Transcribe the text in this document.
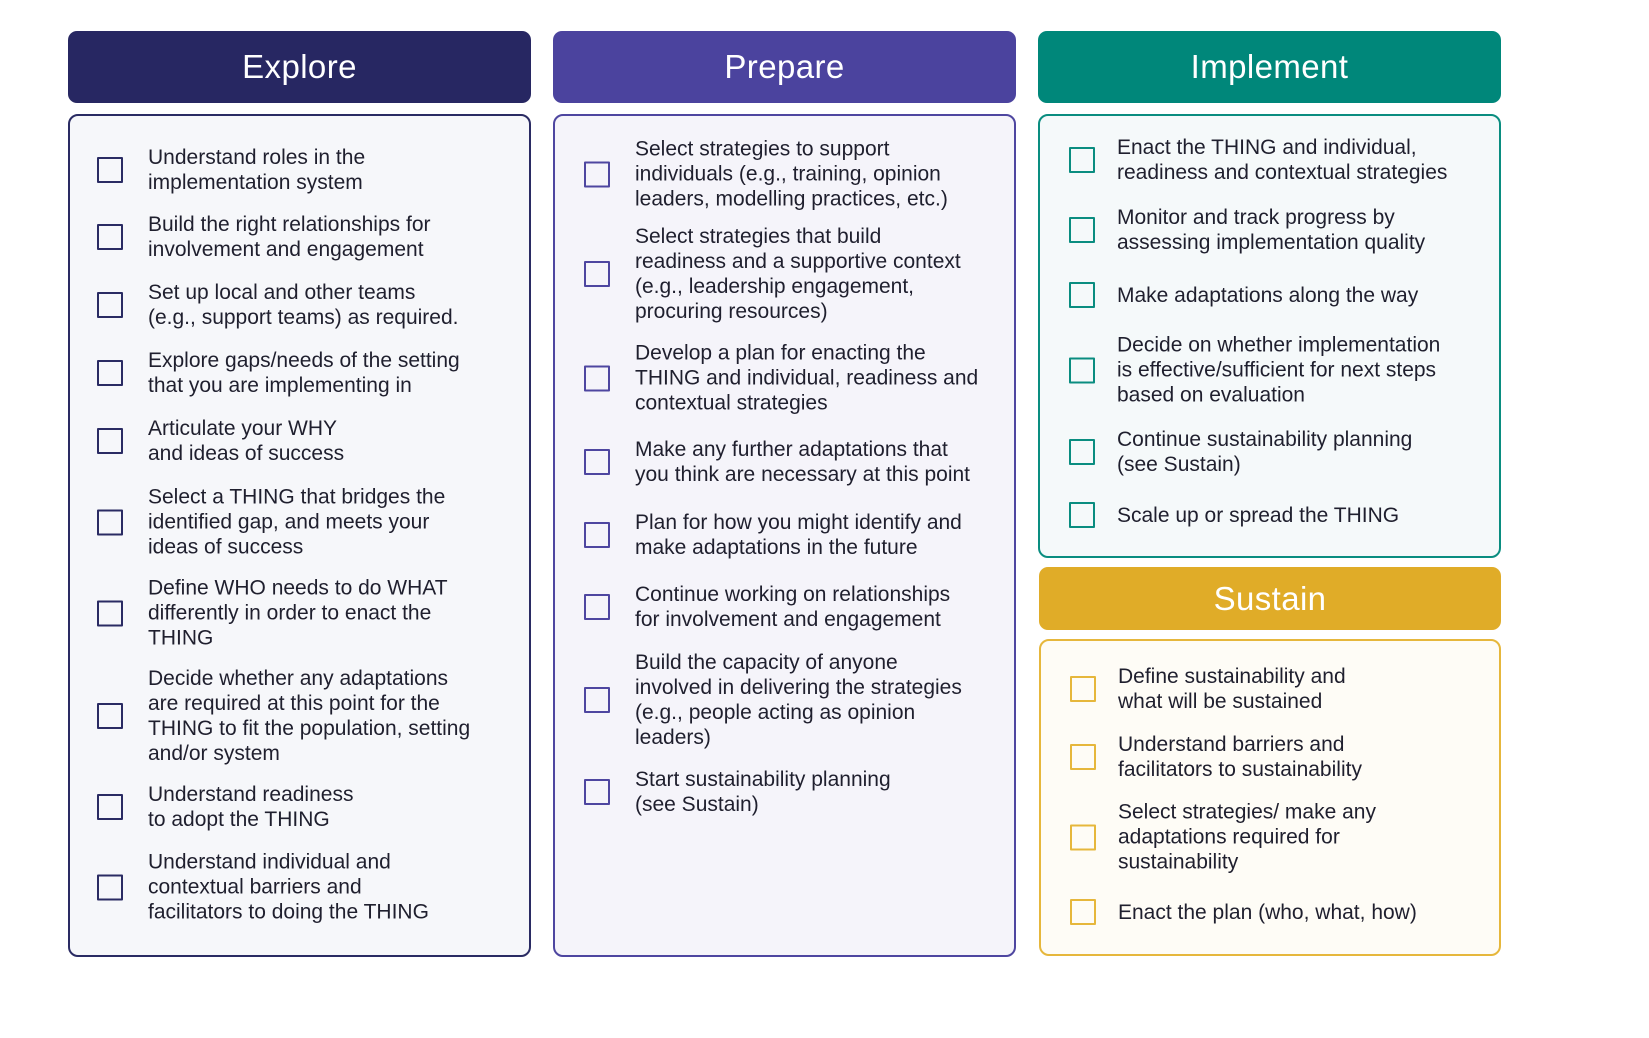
Explore
Understand roles in the
implementation system
Build the right relationships for
involvement and engagement
Set up local and other teams
(e.g., support teams) as required.
Explore gaps/needs of the setting
that you are implementing in
Articulate your WHY
and ideas of success
Select a THING that bridges the
identified gap, and meets your
ideas of success
Define WHO needs to do WHAT
differently in order to enact the
THING
Decide whether any adaptations
are required at this point for the
THING to fit the population, setting
and/or system
Understand readiness
to adopt the THING
Understand individual and
contextual barriers and
facilitators to doing the THING
Prepare
Select strategies to support
individuals (e.g., training, opinion
leaders, modelling practices, etc.)
Select strategies that build
readiness and a supportive context
(e.g., leadership engagement,
procuring resources)
Develop a plan for enacting the
THING and individual, readiness and
contextual strategies
Make any further adaptations that
you think are necessary at this point
Plan for how you might identify and
make adaptations in the future
Continue working on relationships
for involvement and engagement
Build the capacity of anyone
involved in delivering the strategies
(e.g., people acting as opinion
leaders)
Start sustainability planning
(see Sustain)
Implement
Enact the THING and individual,
readiness and contextual strategies
Monitor and track progress by
assessing implementation quality
Make adaptations along the way
Decide on whether implementation
is effective/sufficient for next steps
based on evaluation
Continue sustainability planning
(see Sustain)
Scale up or spread the THING
Sustain
Define sustainability and
what will be sustained
Understand barriers and
facilitators to sustainability
Select strategies/ make any
adaptations required for
sustainability
Enact the plan (who, what, how)
